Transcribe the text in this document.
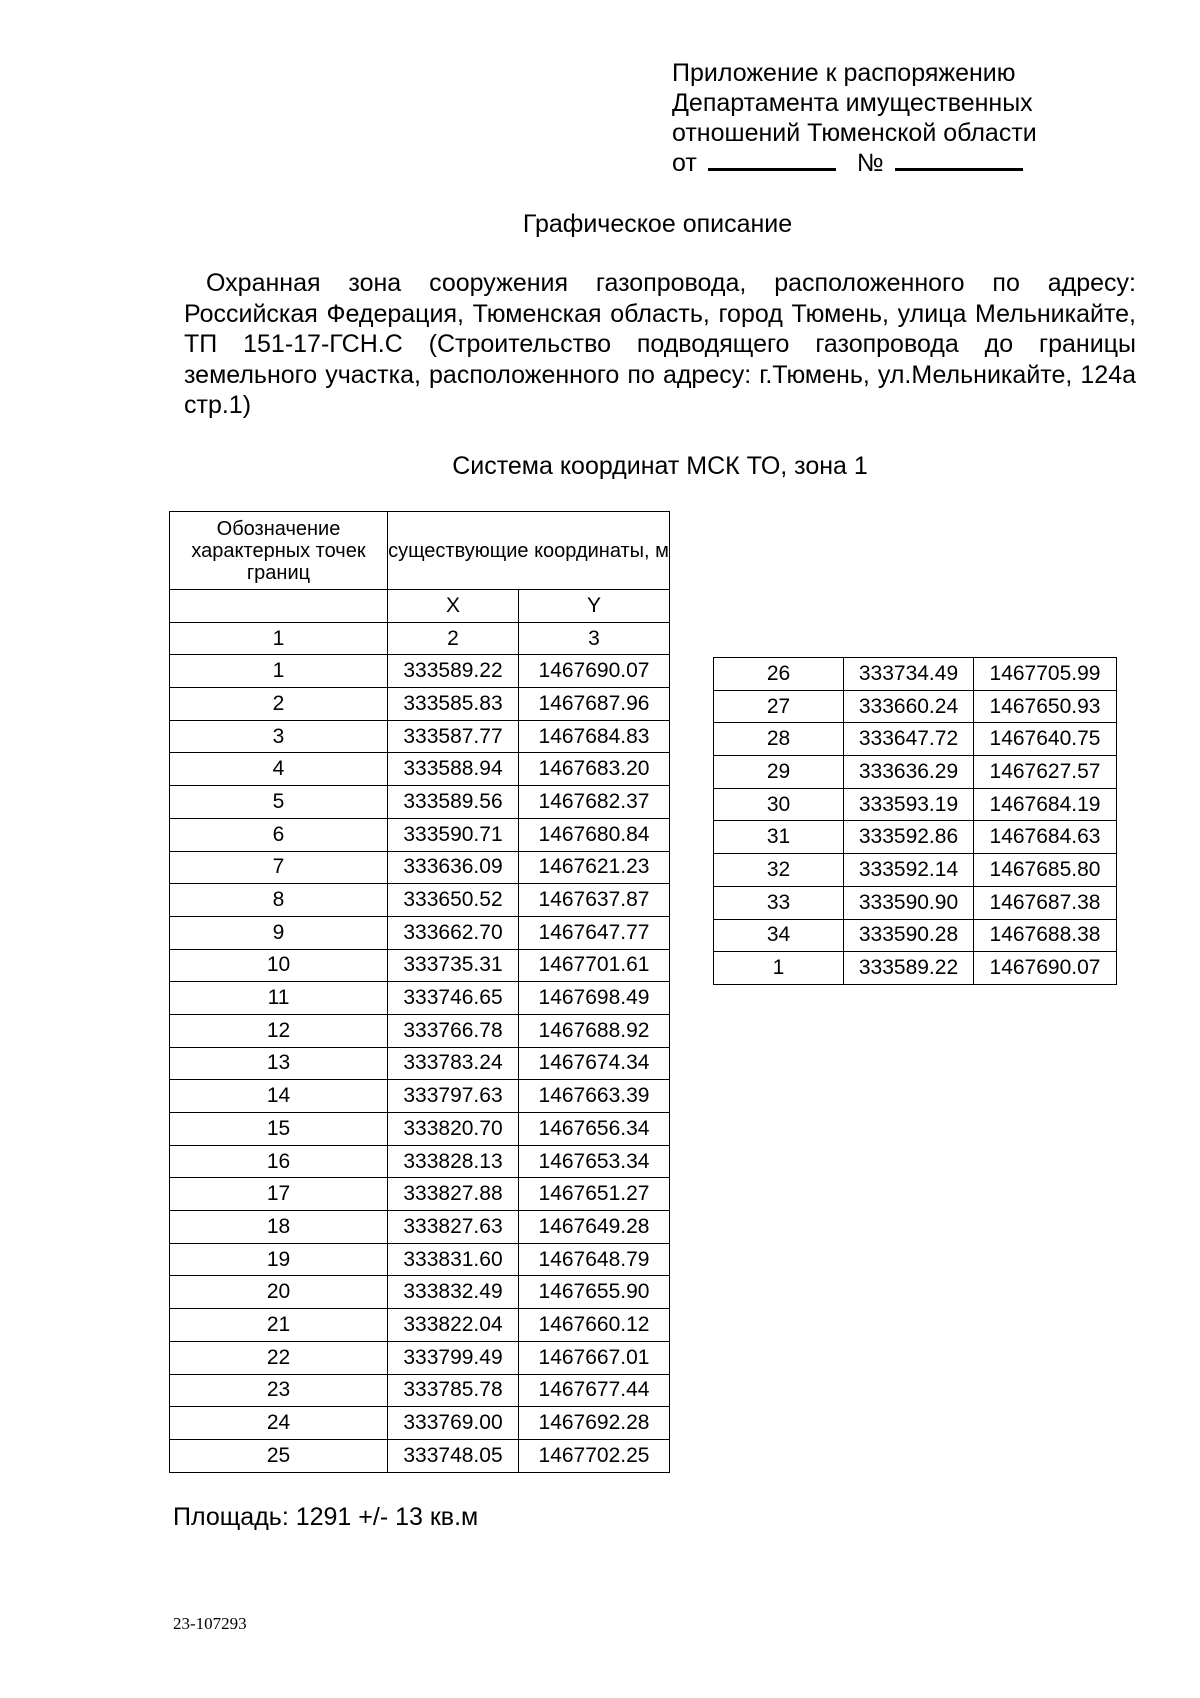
Приложение к распоряжению
Департамента имущественных
отношений Тюменской области
от	№
Графическое описание
Охранная зона сооружения газопровода, расположенного по адресу: Российская Федерация, Тюменская область, город Тюмень, улица Мельникайте, ТП 151-17-ГСН.С (Строительство подводящего газопровода до границы земельного участка, расположенного по адресу: г.Тюмень, ул.Мельникайте, 124а стр.1)
Система координат МСК ТО, зона 1
Обозначение характерных точек границ	существующие координаты, м	
	X	Y
1	2	3
1	333589.22	1467690.07
2	333585.83	1467687.96
3	333587.77	1467684.83
4	333588.94	1467683.20
5	333589.56	1467682.37
6	333590.71	1467680.84
7	333636.09	1467621.23
8	333650.52	1467637.87
9	333662.70	1467647.77
10	333735.31	1467701.61
11	333746.65	1467698.49
12	333766.78	1467688.92
13	333783.24	1467674.34
14	333797.63	1467663.39
15	333820.70	1467656.34
16	333828.13	1467653.34
17	333827.88	1467651.27
18	333827.63	1467649.28
19	333831.60	1467648.79
20	333832.49	1467655.90
21	333822.04	1467660.12
22	333799.49	1467667.01
23	333785.78	1467677.44
24	333769.00	1467692.28
25	333748.05	1467702.25
26	333734.49	1467705.99
27	333660.24	1467650.93
28	333647.72	1467640.75
29	333636.29	1467627.57
30	333593.19	1467684.19
31	333592.86	1467684.63
32	333592.14	1467685.80
33	333590.90	1467687.38
34	333590.28	1467688.38
1	333589.22	1467690.07
Площадь: 1291 +/- 13 кв.м
23-107293
